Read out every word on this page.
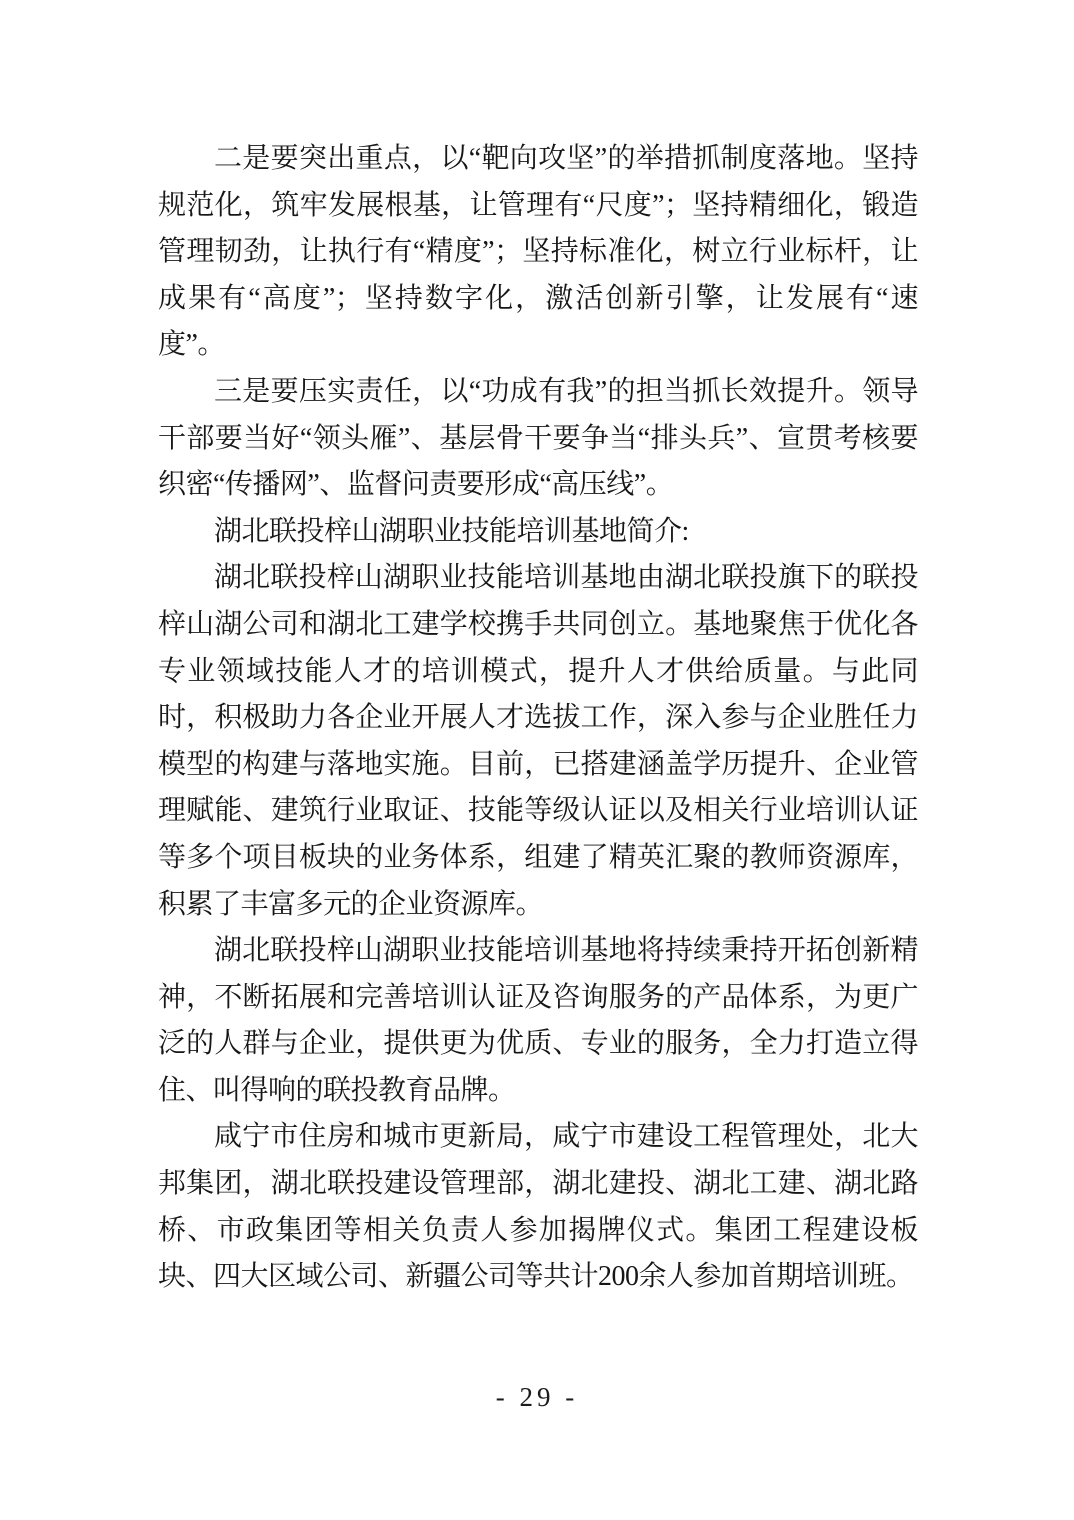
二是要突出重点，以“靶向攻坚”的举措抓制度落地。坚持规范化，筑牢发展根基，让管理有“尺度”；坚持精细化，锻造管理韧劲，让执行有“精度”；坚持标准化，树立行业标杆，让成果有“高度”；坚持数字化，激活创新引擎，让发展有“速度”。

三是要压实责任，以“功成有我”的担当抓长效提升。领导干部要当好“领头雁”、基层骨干要争当“排头兵”、宣贯考核要织密“传播网”、监督问责要形成“高压线”。

湖北联投梓山湖职业技能培训基地简介:

湖北联投梓山湖职业技能培训基地由湖北联投旗下的联投梓山湖公司和湖北工建学校携手共同创立。基地聚焦于优化各专业领域技能人才的培训模式，提升人才供给质量。与此同时，积极助力各企业开展人才选拔工作，深入参与企业胜任力模型的构建与落地实施。目前，已搭建涵盖学历提升、企业管理赋能、建筑行业取证、技能等级认证以及相关行业培训认证等多个项目板块的业务体系，组建了精英汇聚的教师资源库，积累了丰富多元的企业资源库。

湖北联投梓山湖职业技能培训基地将持续秉持开拓创新精神，不断拓展和完善培训认证及咨询服务的产品体系，为更广泛的人群与企业，提供更为优质、专业的服务，全力打造立得住、叫得响的联投教育品牌。

咸宁市住房和城市更新局，咸宁市建设工程管理处，北大邦集团，湖北联投建设管理部，湖北建投、湖北工建、湖北路桥、市政集团等相关负责人参加揭牌仪式。集团工程建设板块、四大区域公司、新疆公司等共计200余人参加首期培训班。

- 29 -
